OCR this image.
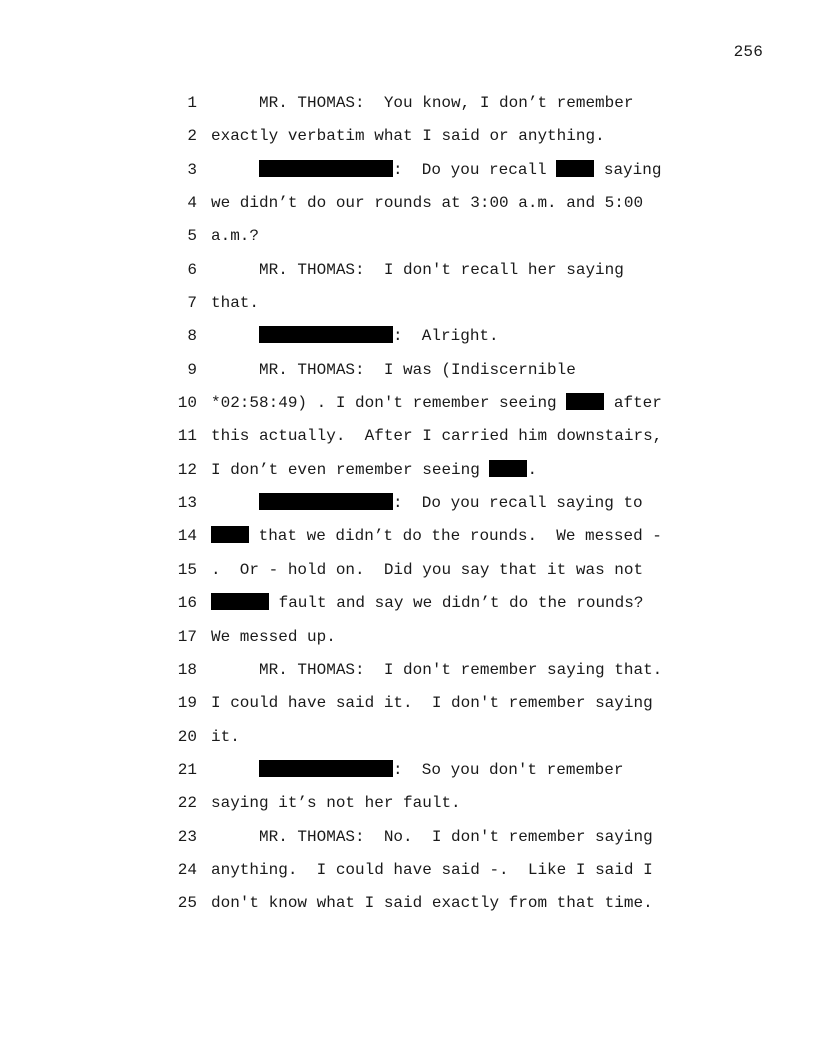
256
1	MR. THOMAS:  You know, I don’t remember
2 exactly verbatim what I said or anything.
3	:  Do you recall  saying
4 we didn’t do our rounds at 3:00 a.m. and 5:00
5 a.m.?
6	MR. THOMAS:  I don't recall her saying
7 that.
8	:  Alright.
9	MR. THOMAS:  I was (Indiscernible
10 *02:58:49) . I don't remember seeing  after
11 this actually.  After I carried him downstairs,
12 I don’t even remember seeing .
13	:  Do you recall saying to
14	that we didn’t do the rounds.  We messed -
15 .  Or - hold on.  Did you say that it was not
16	fault and say we didn’t do the rounds?
17 We messed up.
18	MR. THOMAS:  I don't remember saying that.
19 I could have said it.  I don't remember saying
20 it.
21	:  So you don't remember
22 saying it’s not her fault.
23	MR. THOMAS:  No.  I don't remember saying
24 anything.  I could have said -.  Like I said I
25 don't know what I said exactly from that time.
